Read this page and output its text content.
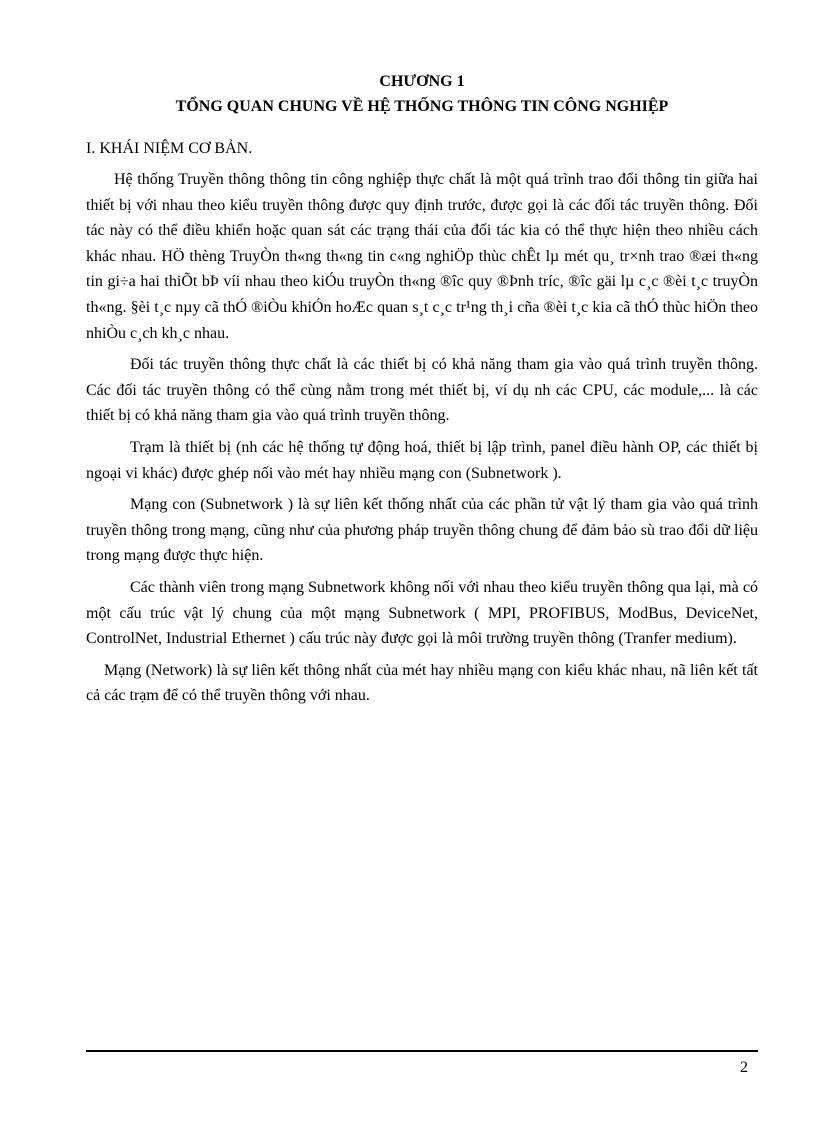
CHƯƠNG 1
TỔNG QUAN CHUNG VỀ HỆ THỐNG THÔNG TIN CÔNG NGHIỆP
I. KHÁI NIỆM CƠ BẢN.

Hệ thống Truyền thông thông tin công nghiệp thực chất là một quá trình trao đổi thông tin giữa hai thiết bị với nhau theo kiểu truyền thông được quy định trước, được gọi là các đối tác truyền thông. Đối tác này có thể điều khiển hoặc quan sát các trạng thái của đối tác kia có thể thực hiện theo nhiều cách khác nhau. HÖ thèng TruyÒn th«ng th«ng tin c«ng nghiÖp thùc chÊt lµ mét qu¸ tr×nh trao ®æi th«ng tin gi÷a hai thiÕt bÞ víi nhau theo kiÓu truyÒn th«ng ®îc quy ®Þnh tríc, ®îc gäi lµ c¸c ®èi t¸c truyÒn th«ng. §èi t¸c nµy cã thÓ ®iÒu khiÓn hoÆc quan s¸t c¸c tr¹ng th¸i cña ®èi t¸c kia cã thÓ thùc hiÖn theo nhiÒu c¸ch kh¸c nhau.

Đối tác truyền thông thực chất là các thiết bị có khả năng tham gia vào quá trình truyền thông. Các đối tác truyền thông có thể cùng nằm trong mét thiết bị, ví dụ nh các CPU, các module,... là các thiết bị có khả năng tham gia vào quá trình truyền thông.

Trạm là thiết bị (nh các hệ thống tự động hoá, thiết bị lập trình, panel điều hành OP, các thiết bị ngoại vi khác) được ghép nối vào mét hay nhiều mạng con (Subnetwork ).

Mạng con (Subnetwork ) là sự liên kết thống nhất của các phần tử vật lý tham gia vào quá trình truyền thông trong mạng, cũng như của phương pháp truyền thông chung để đảm bảo sù trao đổi dữ liệu trong mạng được thực hiện.

Các thành viên trong mạng Subnetwork không nối với nhau theo kiểu truyền thông qua lại, mà có một cấu trúc vật lý chung của một mạng Subnetwork ( MPI, PROFIBUS, ModBus, DeviceNet, ControlNet, Industrial Ethernet ) cấu trúc này được gọi là môi trường truyền thông (Tranfer medium).

Mạng (Network) là sự liên kết thông nhất của mét hay nhiều mạng con kiểu khác nhau, nã liên kết tất cả các trạm để có thể truyền thông với nhau.

2
